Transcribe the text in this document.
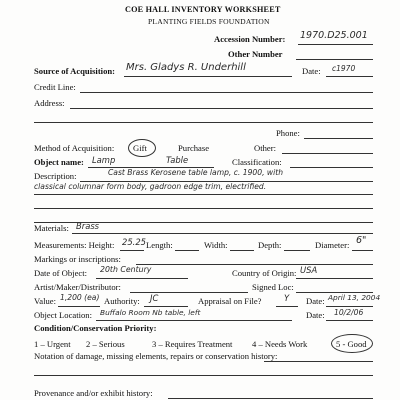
COE HALL INVENTORY WORKSHEET
PLANTING FIELDS FOUNDATION
Accession Number: 1970.D25.001
Other Number
Source of Acquisition: Mrs. Gladys R. Underhill	Date: c1970
Credit Line:
Address:
Phone:
Method of Acquisition: Gift	Purchase	Other:
Object name: Lamp	Table	Classification:
Description:	Cast Brass Kerosene table lamp, c. 1900, with
classical columnar form body, gadroon edge trim, electrified.
Materials: Brass
Measurements: Height: 25.25 Length:	Width:	Depth:	Diameter: 6"
Markings or inscriptions:
Date of Object: 20th Century	Country of Origin: USA
Artist/Maker/Distributor:	Signed Loc:
Value: 1,200 (ea) Authority: JC	Appraisal on File?	Y Date: April 13, 2004
Object Location: Buffalo Room Nb table, left	Date: 10/2/06
Condition/Conservation Priority:
1 – Urgent 2 – Serious	3 – Requires Treatment 4 – Needs Work	5 - Good
Notation of damage, missing elements, repairs or conservation history:
Provenance and/or exhibit history:
